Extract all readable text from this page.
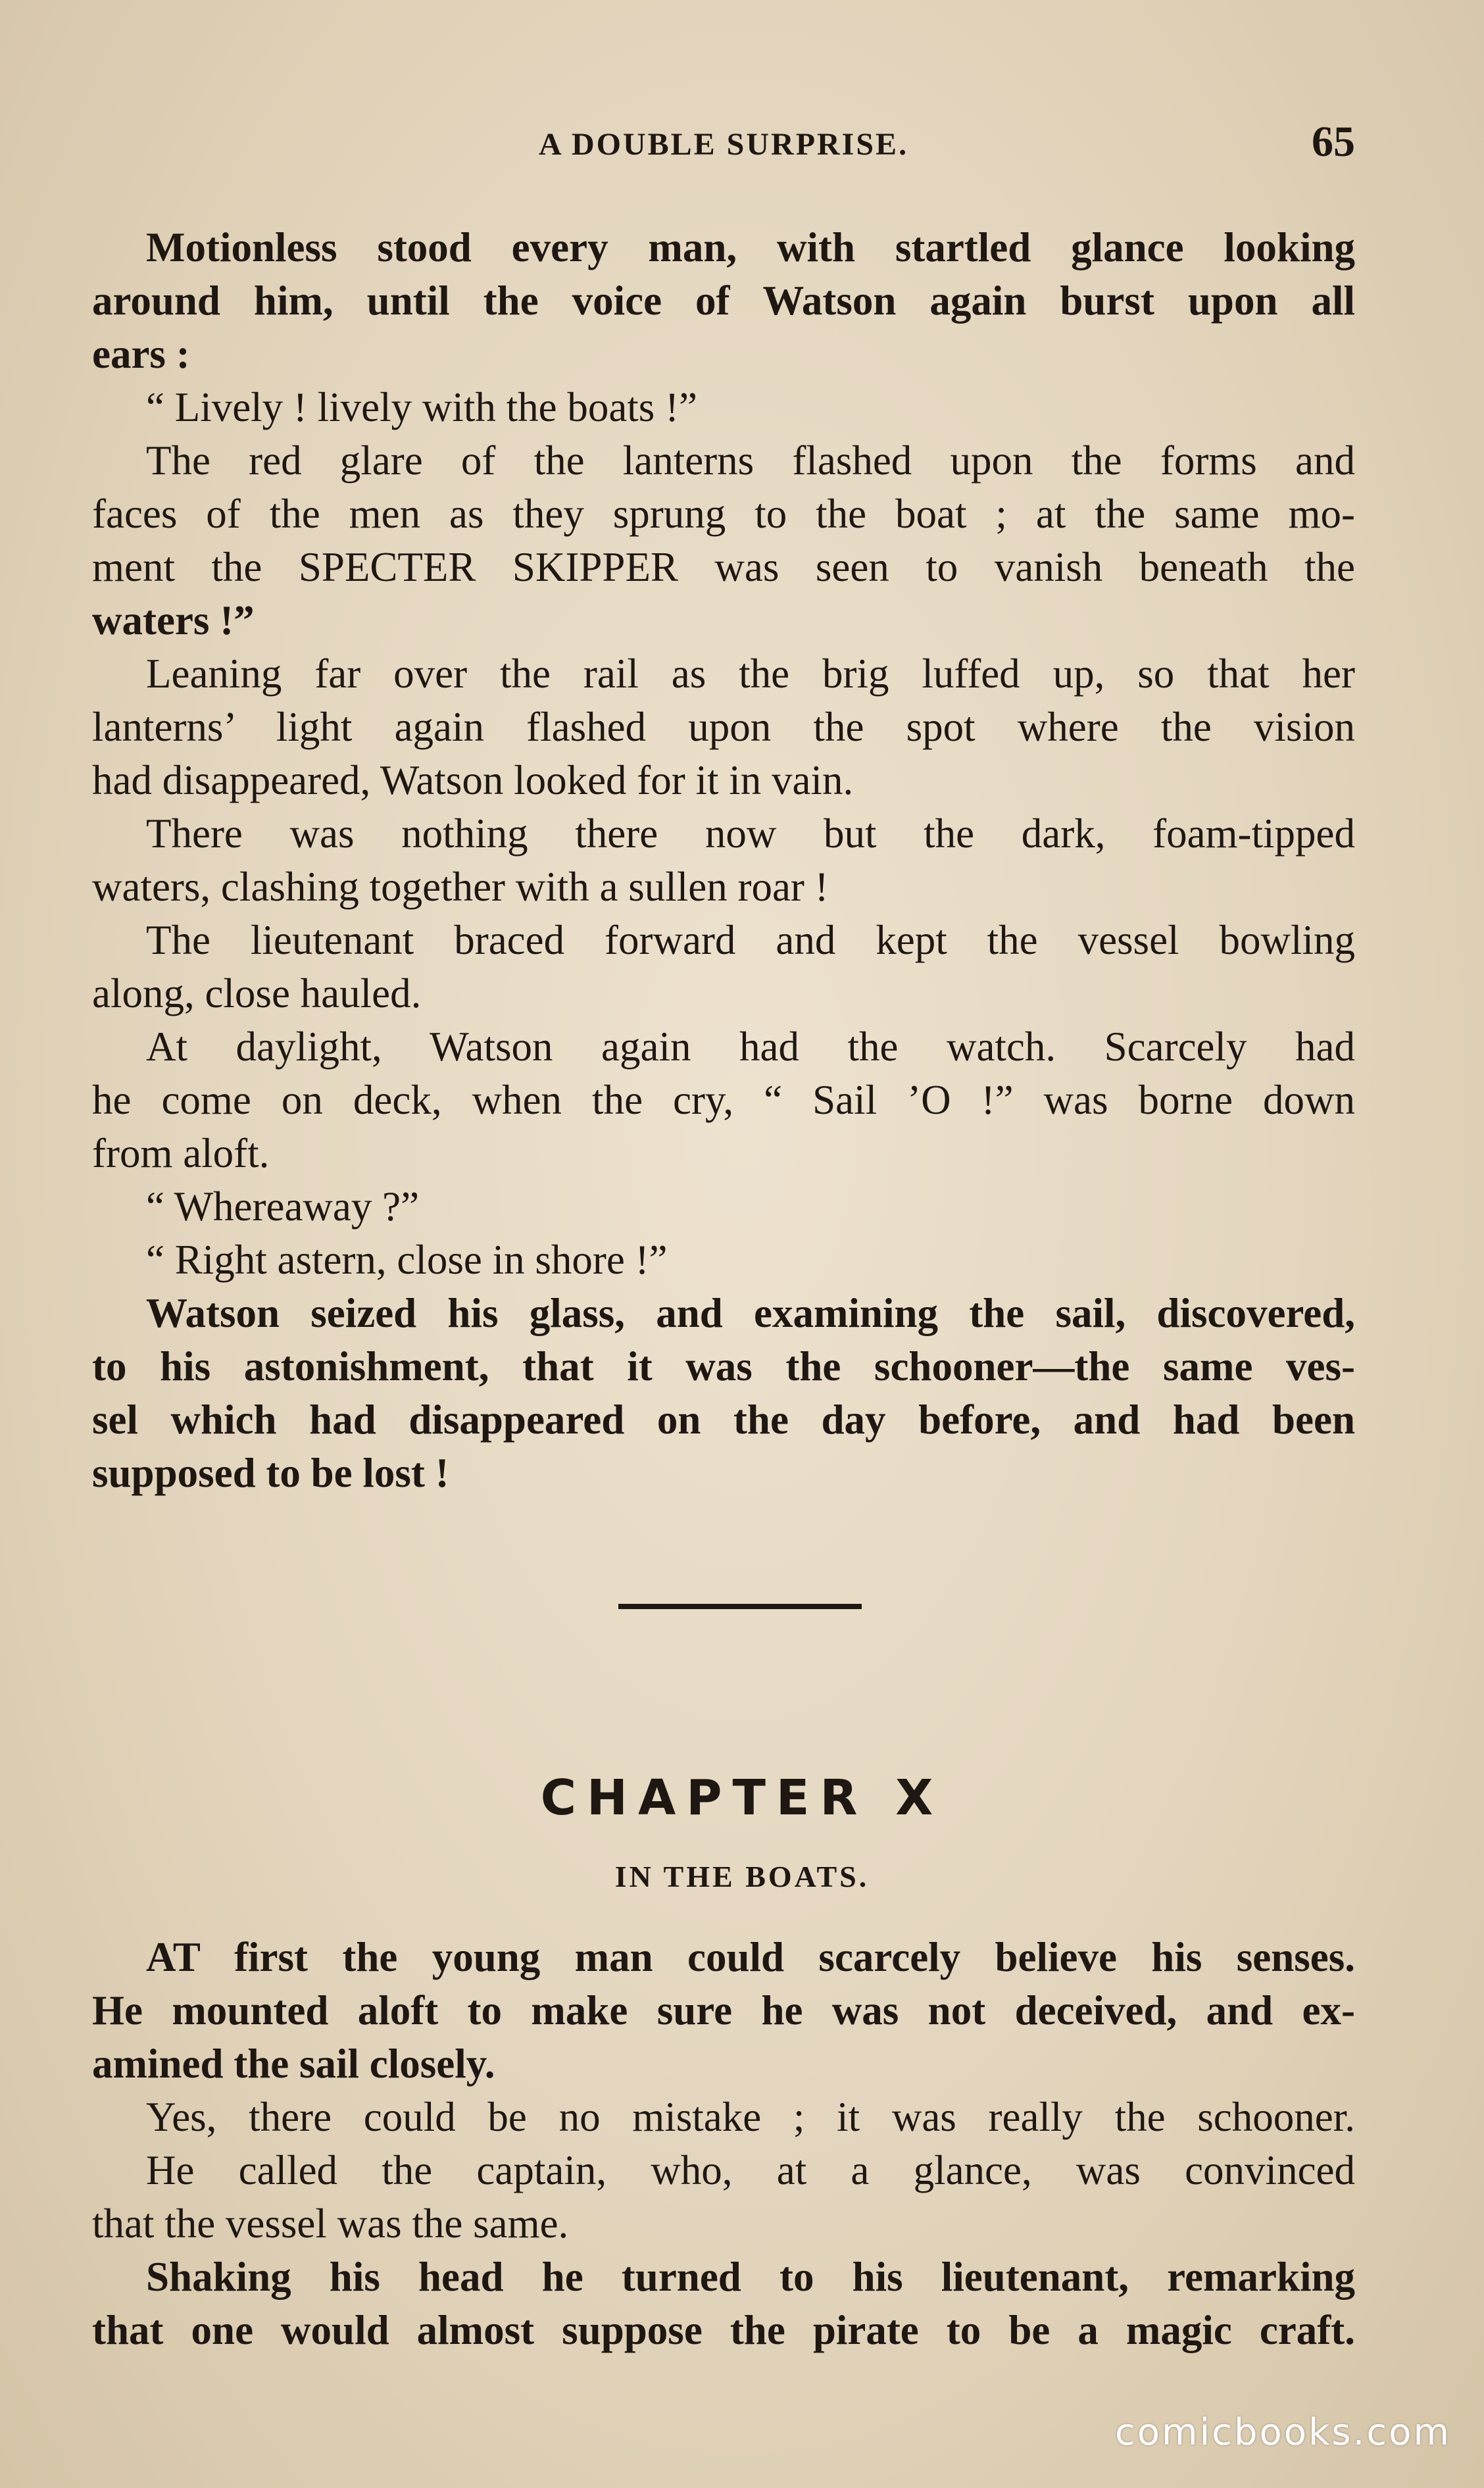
A DOUBLE SURPRISE.	65
Motionless stood every man, with startled glance looking
around him, until the voice of Watson again burst upon all
ears :
“ Lively ! lively with the boats !”
The red glare of the lanterns flashed upon the forms and
faces of the men as they sprung to the boat ; at the same mo-
ment the SPECTER SKIPPER was seen to vanish beneath the
waters !”
Leaning far over the rail as the brig luffed up, so that her
lanterns’ light again flashed upon the spot where the vision
had disappeared, Watson looked for it in vain.
There was nothing there now but the dark, foam-tipped
waters, clashing together with a sullen roar !
The lieutenant braced forward and kept the vessel bowling
along, close hauled.
At daylight, Watson again had the watch. Scarcely had
he come on deck, when the cry, “ Sail ’O !” was borne down
from aloft.
“ Whereaway ?”
“ Right astern, close in shore !”
Watson seized his glass, and examining the sail, discovered,
to his astonishment, that it was the schooner—the same ves-
sel which had disappeared on the day before, and had been
supposed to be lost !
CHAPTER X
IN THE BOATS.
AT first the young man could scarcely believe his senses.
He mounted aloft to make sure he was not deceived, and ex-
amined the sail closely.
Yes, there could be no mistake ; it was really the schooner.
He called the captain, who, at a glance, was convinced
that the vessel was the same.
Shaking his head he turned to his lieutenant, remarking
that one would almost suppose the pirate to be a magic craft.
comicbooks.com
